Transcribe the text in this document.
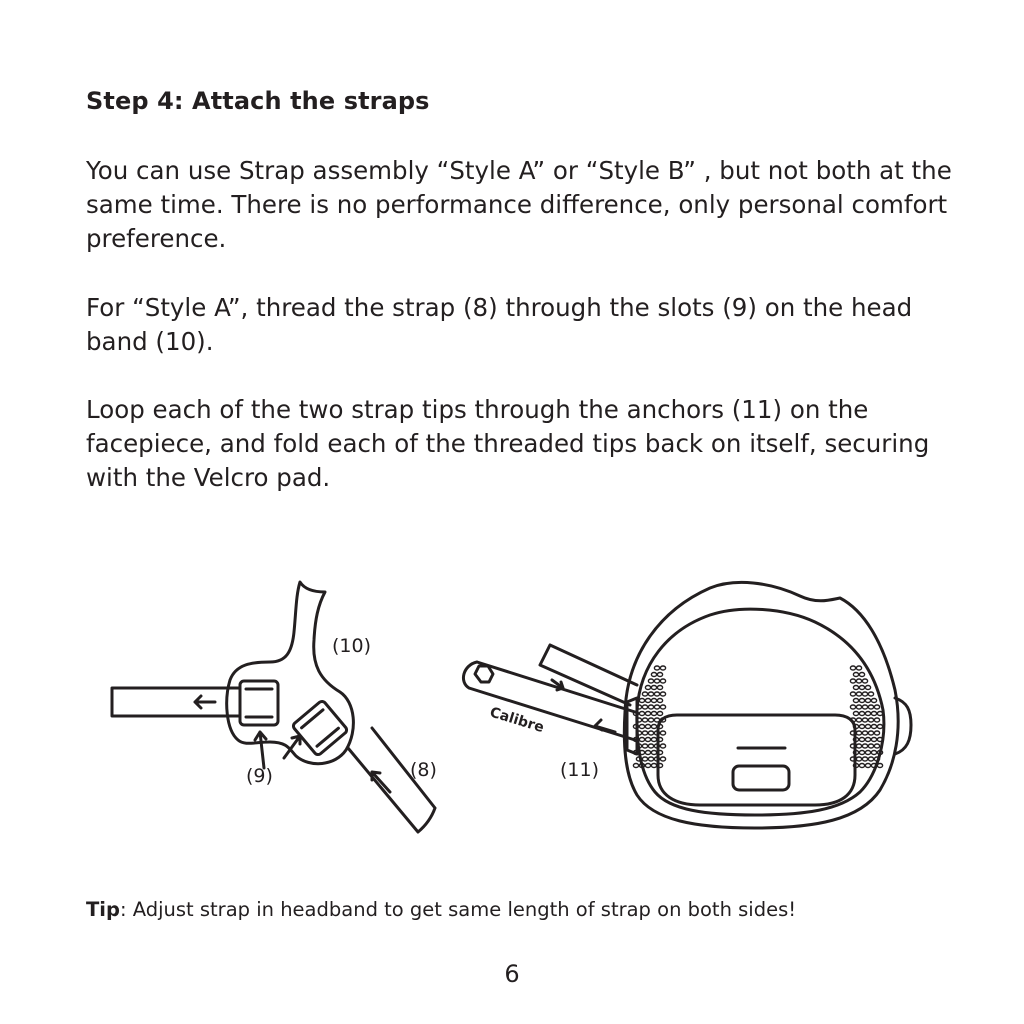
Step 4: Attach the straps

You can use Strap assembly “Style A” or “Style B” , but not both at the same time. There is no performance difference, only personal comfort preference.

For “Style A”, thread the strap (8) through the slots (9) on the head band (10).

Loop each of the two strap tips through the anchors (11) on the facepiece, and fold each of the threaded tips back on itself, securing with the Velcro pad.

(10)
(9)	(8)
Calibre
(11)
Tip: Adjust strap in headband to get same length of strap on both sides!
6
